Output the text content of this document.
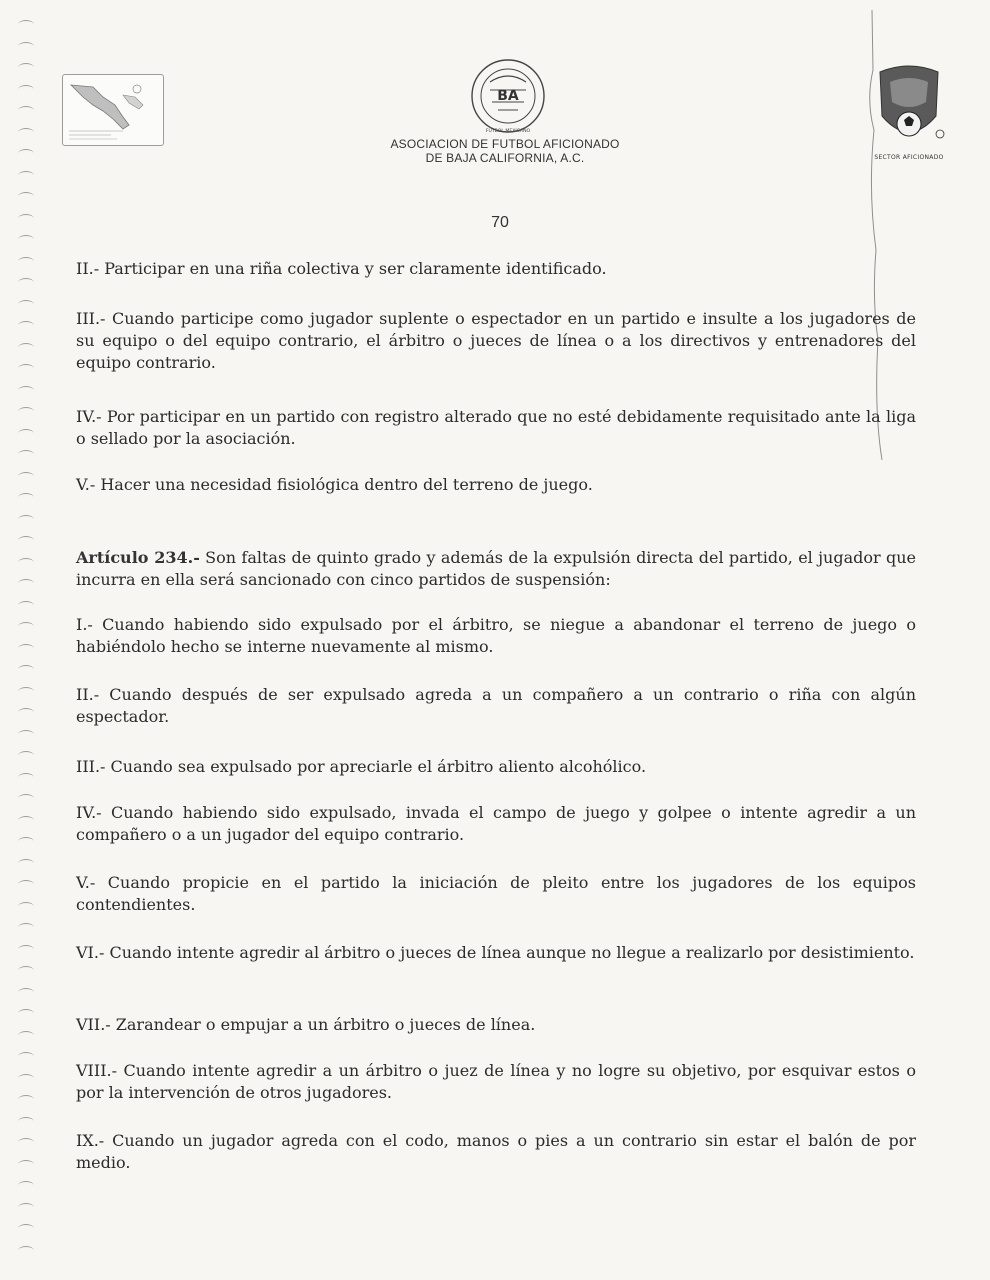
BA
FUTBOL MEXICANO
ASOCIACION DE FUTBOL AFICIONADO
DE BAJA CALIFORNIA, A.C.	SECTOR AFICIONADO
70

II.- Participar en una riña colectiva y ser claramente identificado.

III.- Cuando participe como jugador suplente o espectador en un partido e insulte a los jugadores de su equipo o del equipo contrario, el árbitro o jueces de línea o a los directivos y entrenadores del equipo contrario.

IV.- Por participar en un partido con registro alterado que no esté debidamente requisitado ante la liga o sellado por la asociación.

V.- Hacer una necesidad fisiológica dentro del terreno de juego.

Artículo 234.- Son faltas de quinto grado y además de la expulsión directa del partido, el jugador que incurra en ella será sancionado con cinco partidos de suspensión:

I.- Cuando habiendo sido expulsado por el árbitro, se niegue a abandonar el terreno de juego o habiéndolo hecho se interne nuevamente al mismo.

II.- Cuando después de ser expulsado agreda a un compañero a un contrario o riña con algún espectador.

III.- Cuando sea expulsado por apreciarle el árbitro aliento alcohólico.

IV.- Cuando habiendo sido expulsado, invada el campo de juego y golpee o intente agredir a un compañero o a un jugador del equipo contrario.

V.- Cuando propicie en el partido la iniciación de pleito entre los jugadores de los equipos contendientes.

VI.- Cuando intente agredir al árbitro o jueces de línea aunque no llegue a realizarlo por desistimiento.

VII.- Zarandear o empujar a un árbitro o jueces de línea.

VIII.- Cuando intente agredir a un árbitro o juez de línea y no logre su objetivo, por esquivar estos o por la intervención de otros jugadores.

IX.- Cuando un jugador agreda con el codo, manos o pies a un contrario sin estar el balón de por medio.
